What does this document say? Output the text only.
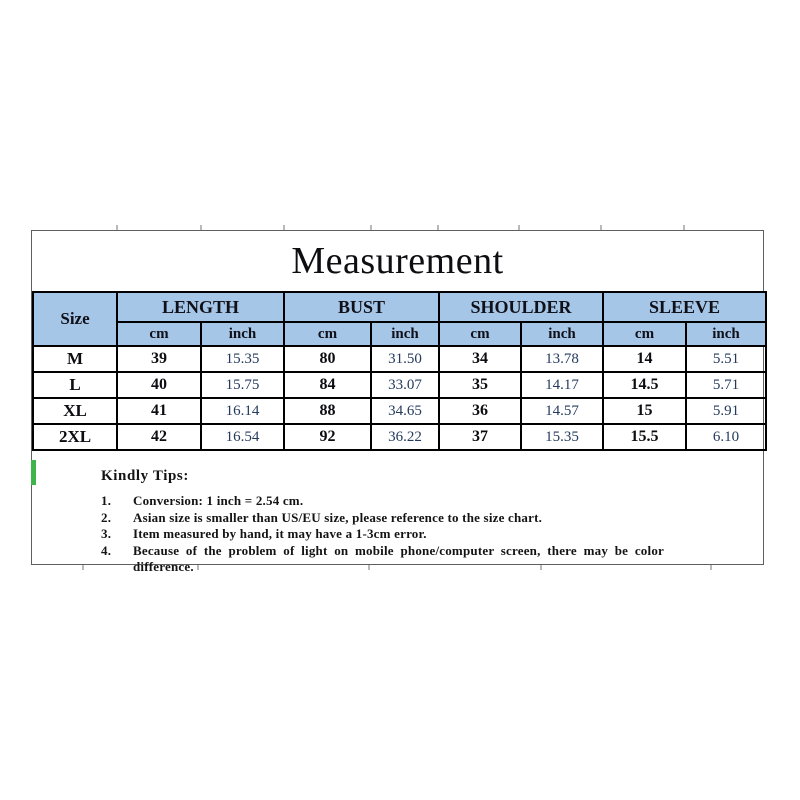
Measurement
Size	LENGTH		BUST		SHOULDER		SLEEVE	
	cm	inch	cm	inch	cm	inch	cm	inch
M	39	15.35	80	31.50	34	13.78	14	5.51
L	40	15.75	84	33.07	35	14.17	14.5	5.71
XL	41	16.14	88	34.65	36	14.57	15	5.91
2XL	42	16.54	92	36.22	37	15.35	15.5	6.10
Kindly Tips:
1.	Conversion: 1 inch = 2.54 cm.
2.	Asian size is smaller than US/EU size, please reference to the size chart.
3.	Item measured by hand, it may have a 1-3cm error.
4.	Because of the problem of light on mobile phone/computer screen, there may be color difference.
